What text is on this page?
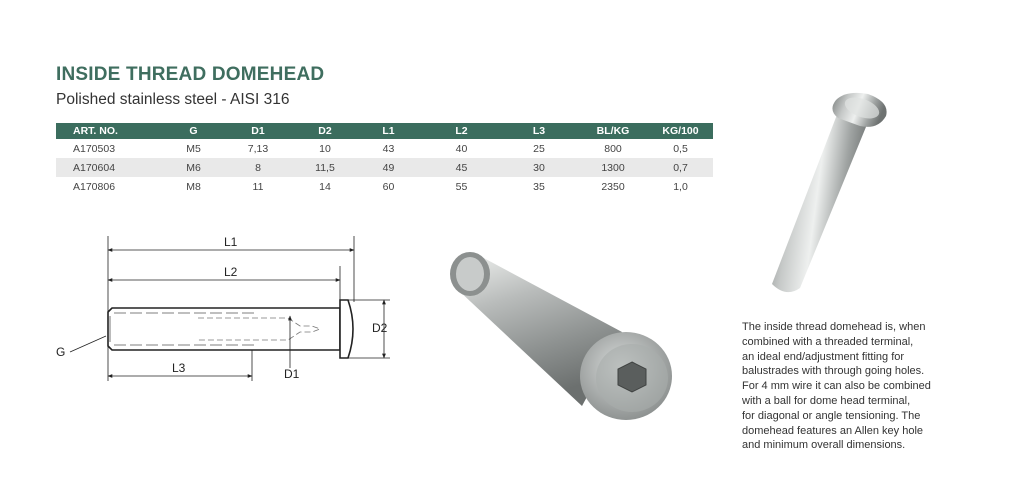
INSIDE THREAD DOMEHEAD
Polished stainless steel - AISI 316
ART. NO.	G	D1	D2	L1	L2	L3	BL/KG	KG/100
A170503	M5	7,13	10	43	40	25	800	0,5
A170604	M6	8	11,5	49	45	30	1300	0,7
A170806	M8	11	14	60	55	35	2350	1,0
L1
L2
L3	D1
D2
G
The inside thread domehead is, when
combined with a threaded terminal,
an ideal end/adjustment fitting for
balustrades with through going holes.
For 4 mm wire it can also be combined
with a ball for dome head terminal,
for diagonal or angle tensioning. The
domehead features an Allen key hole
and minimum overall dimensions.
